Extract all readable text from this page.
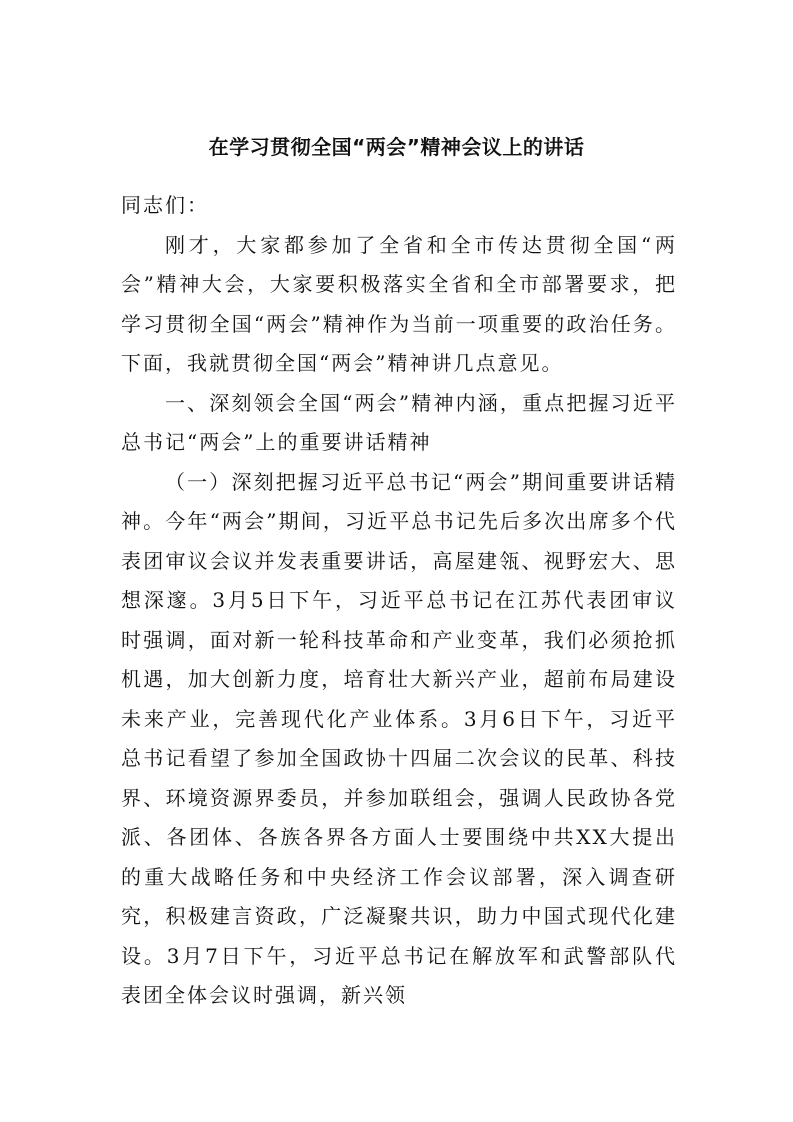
在学习贯彻全国“两会”精神会议上的讲话

同志们：

刚才，大家都参加了全省和全市传达贯彻全国“两会”精神大会，大家要积极落实全省和全市部署要求，把学习贯彻全国“两会”精神作为当前一项重要的政治任务。下面，我就贯彻全国“两会”精神讲几点意见。

一、深刻领会全国“两会”精神内涵，重点把握习近平总书记“两会”上的重要讲话精神

（一）深刻把握习近平总书记“两会”期间重要讲话精神。今年“两会”期间，习近平总书记先后多次出席多个代表团审议会议并发表重要讲话，高屋建瓴、视野宏大、思想深邃。3月5日下午，习近平总书记在江苏代表团审议时强调，面对新一轮科技革命和产业变革，我们必须抢抓机遇，加大创新力度，培育壮大新兴产业，超前布局建设未来产业，完善现代化产业体系。3月6日下午，习近平总书记看望了参加全国政协十四届二次会议的民革、科技界、环境资源界委员，并参加联组会，强调人民政协各党派、各团体、各族各界各方面人士要围绕中共XX大提出的重大战略任务和中央经济工作会议部署，深入调查研究，积极建言资政，广泛凝聚共识，助力中国式现代化建设。3月7日下午，习近平总书记在解放军和武警部队代表团全体会议时强调，新兴领
